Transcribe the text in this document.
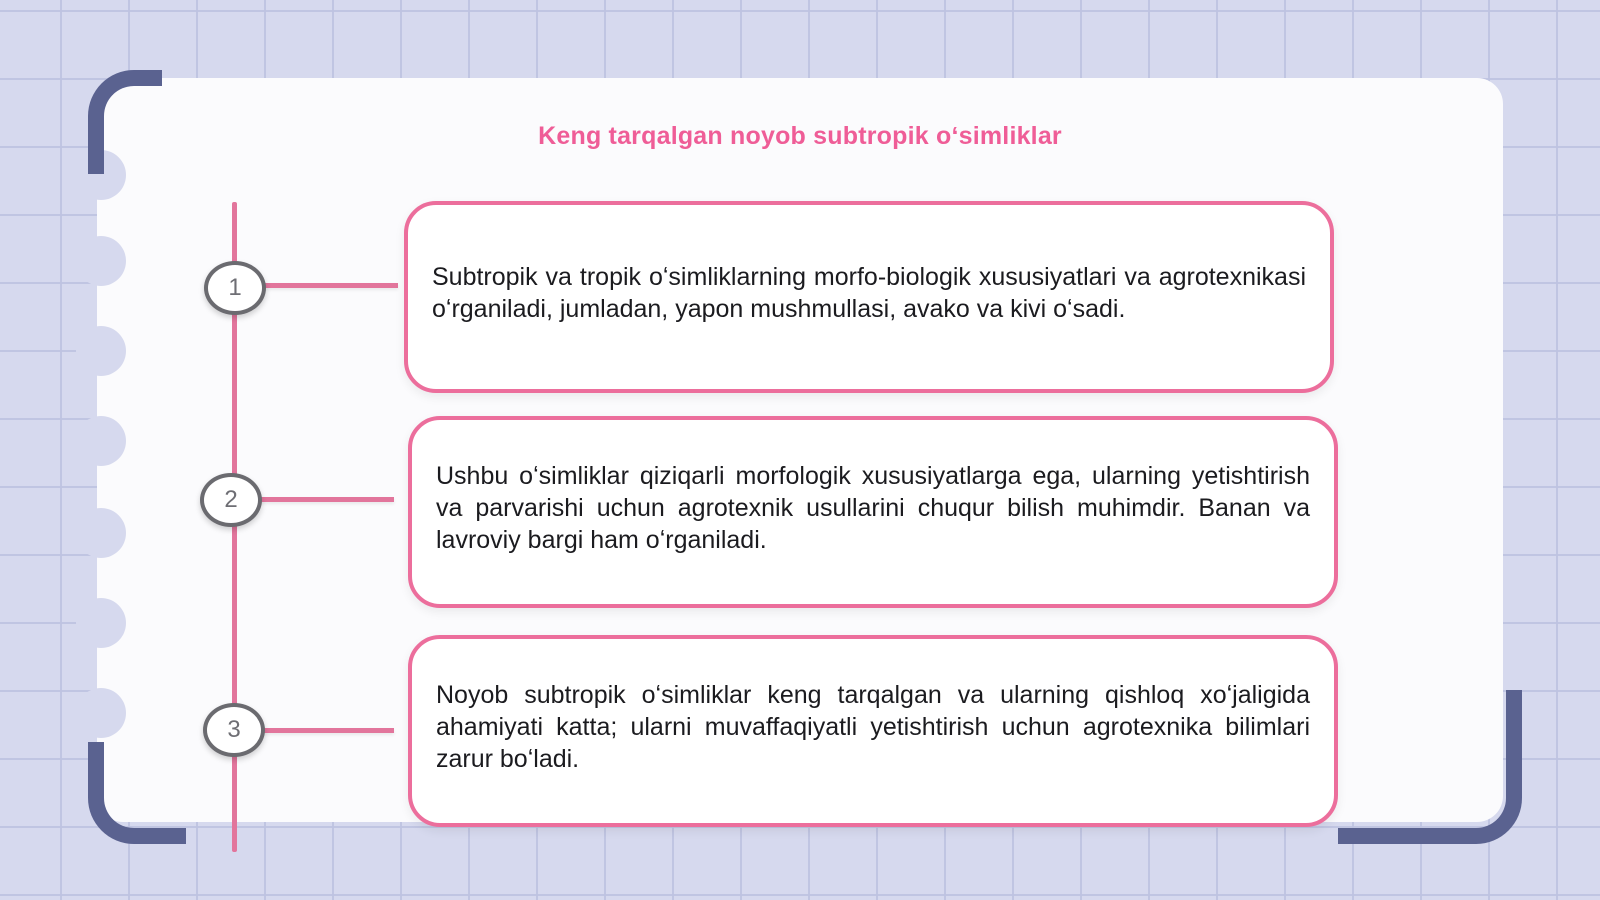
Keng tarqalgan noyob subtropik oʻsimliklar
1	Subtropik va tropik oʻsimliklarning morfo-biologik xususiyatlari va agrotexnikasi oʻrganiladi, jumladan, yapon mushmullasi, avako va kivi oʻsadi.
2
Ushbu oʻsimliklar qiziqarli morfologik xususiyatlarga ega, ularning yetishtirish va parvarishi uchun agrotexnik usullarini chuqur bilish muhimdir. Banan va lavroviy bargi ham oʻrganiladi.
3
Noyob subtropik oʻsimliklar keng tarqalgan va ularning qishloq xoʻjaligida ahamiyati katta; ularni muvaffaqiyatli yetishtirish uchun agrotexnika bilimlari zarur boʻladi.
